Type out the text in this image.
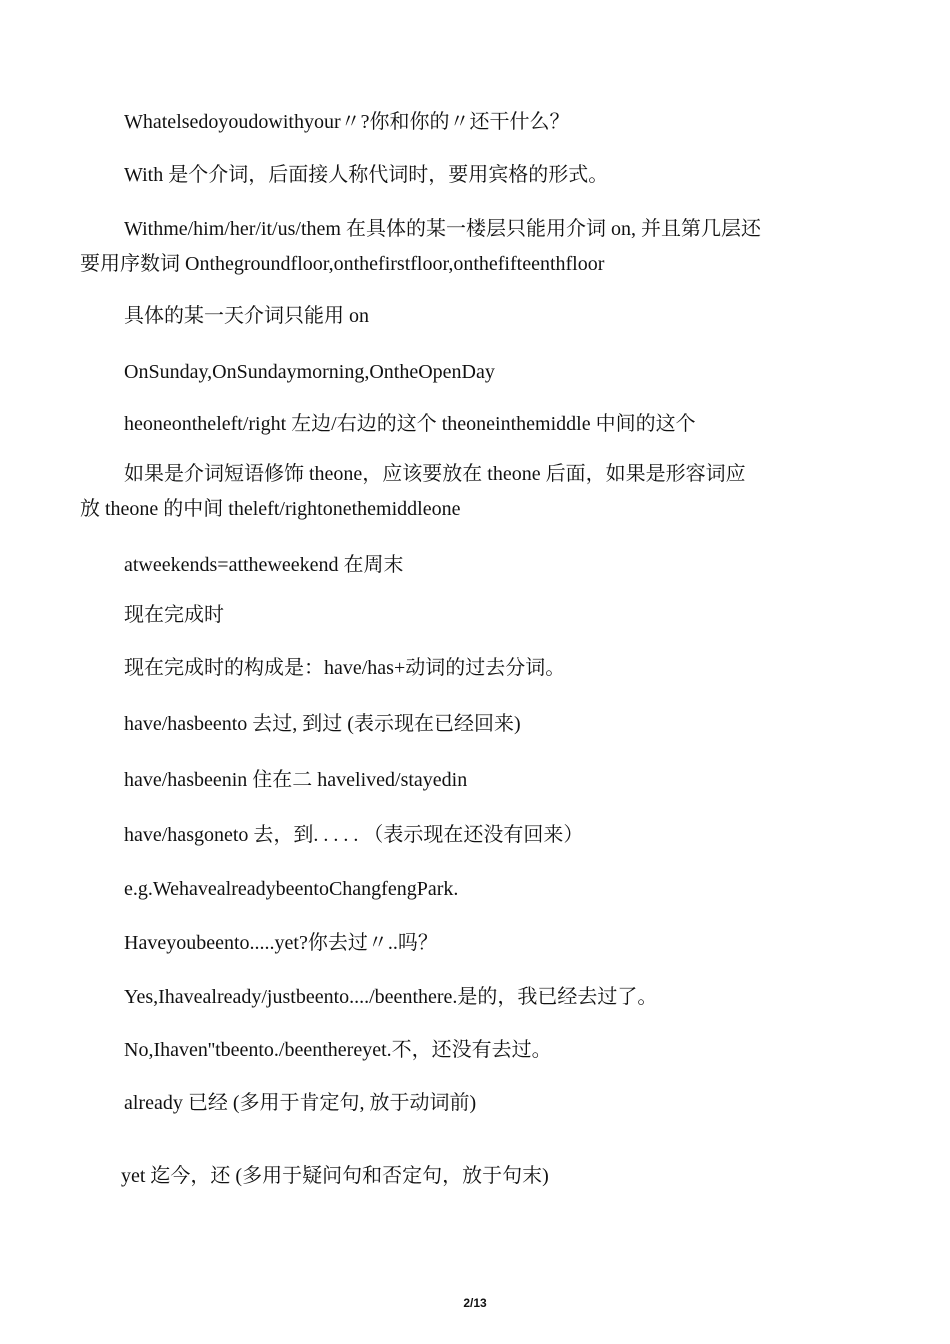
Whatelsedoyoudowithyour〃?你和你的〃还干什么？
With 是个介词，后面接人称代词时，要用宾格的形式。
Withme/him/her/it/us/them 在具体的某一楼层只能用介词 on, 并且第几层还
要用序数词 Onthegroundfloor,onthefirstfloor,onthefifteenthfloor
具体的某一天介词只能用 on
OnSunday,OnSundaymorning,OntheOpenDay
heoneontheleft/right 左边/右边的这个 theoneinthemiddle 中间的这个
如果是介词短语修饰 theone，应该要放在 theone 后面，如果是形容词应
放 theone 的中间 theleft/rightonethemiddleone
atweekends=attheweekend 在周末
现在完成时
现在完成时的构成是：have/has+动词的过去分词。
have/hasbeento 去过, 到过 (表示现在已经回来)
have/hasbeenin 住在二 havelived/stayedin
have/hasgoneto 去，到. . . . . （表示现在还没有回来）
e.g.WehavealreadybeentoChangfengPark.
Haveyoubeento.....yet?你去过〃..吗？
Yes,Ihavealready/justbeento..../beenthere.是的，我已经去过了。
No,Ihaven''tbeento./beenthereyet.不，还没有去过。
already 已经 (多用于肯定句, 放于动词前)
yet 迄今，还 (多用于疑问句和否定句，放于句末)
2/13
